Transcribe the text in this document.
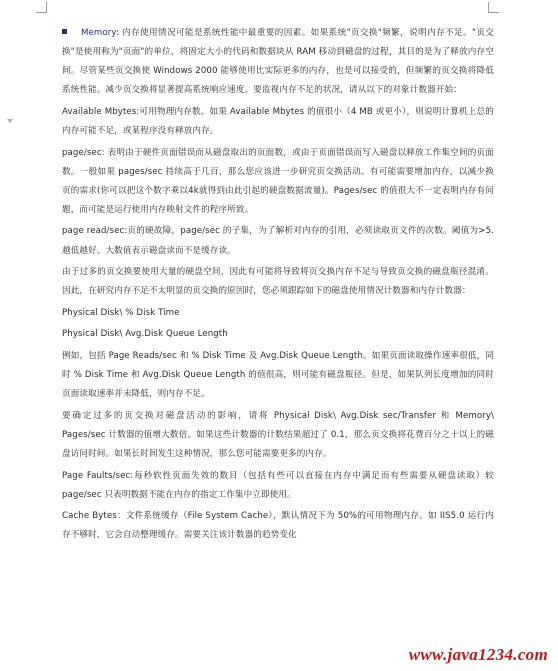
Memory: 内存使用情况可能是系统性能中最重要的因素。如果系统"页交换"频繁，说明内存不足。"页交换"是使用称为"页面"的单位，将固定大小的代码和数据块从 RAM 移动到磁盘的过程，其目的是为了释放内存空间。尽管某些页交换使 Windows 2000 能够使用比实际更多的内存，也是可以接受的，但频繁的页交换将降低系统性能。减少页交换将显著提高系统响应速度。要监视内存不足的状况，请从以下的对象计数器开始：

Available Mbytes:可用物理内存数。如果 Available Mbytes 的值很小（4 MB 或更小），则说明计算机上总的内存可能不足，或某程序没有释放内存。

page/sec: 表明由于硬件页面错误而从磁盘取出的页面数，或由于页面错误而写入磁盘以释放工作集空间的页面数。一般如果 pages/sec 持续高于几百，那么您应该进一步研究页交换活动。有可能需要增加内存，以减少换页的需求(你可以把这个数字乘以4k就得到由此引起的硬盘数据流量)。Pages/sec 的值很大不一定表明内存有问题，而可能是运行使用内存映射文件的程序所致。

page read/sec:页的硬故障，page/sec 的子集，为了解析对内存的引用，必须读取页文件的次数。阈值为>5. 越低越好。大数值表示磁盘读而不是缓存读。

由于过多的页交换要使用大量的硬盘空间，因此有可能将导致将页交换内存不足与导致页交换的磁盘瓶径混淆。因此，在研究内存不足不太明显的页交换的原因时，您必须跟踪如下的磁盘使用情况计数器和内存计数器：

Physical Disk\ % Disk Time

Physical Disk\ Avg.Disk Queue Length

例如，包括 Page Reads/sec 和 % Disk Time 及 Avg.Disk Queue Length。如果页面读取操作速率很低，同时 % Disk Time 和 Avg.Disk Queue Length 的值很高，则可能有磁盘瓶径。但是，如果队列长度增加的同时页面读取速率并未降低，则内存不足。

要确定过多的页交换对磁盘活动的影响，请将 Physical Disk\ Avg.Disk sec/Transfer 和 Memory\ Pages/sec 计数器的值增大数倍。如果这些计数器的计数结果超过了 0.1，那么页交换将花费百分之十以上的磁盘访问时间。如果长时间发生这种情况，那么您可能需要更多的内存。

Page Faults/sec:每秒软性页面失效的数目（包括有些可以直接在内存中满足而有些需要从硬盘读取）较 page/sec 只表明数据不能在内存的指定工作集中立即使用。

Cache Bytes：文件系统缓存（File System Cache），默认情况下为 50%的可用物理内存。如 IIS5.0 运行内存不够时，它会自动整理缓存。需要关注该计数器的趋势变化

www.java1234.com
